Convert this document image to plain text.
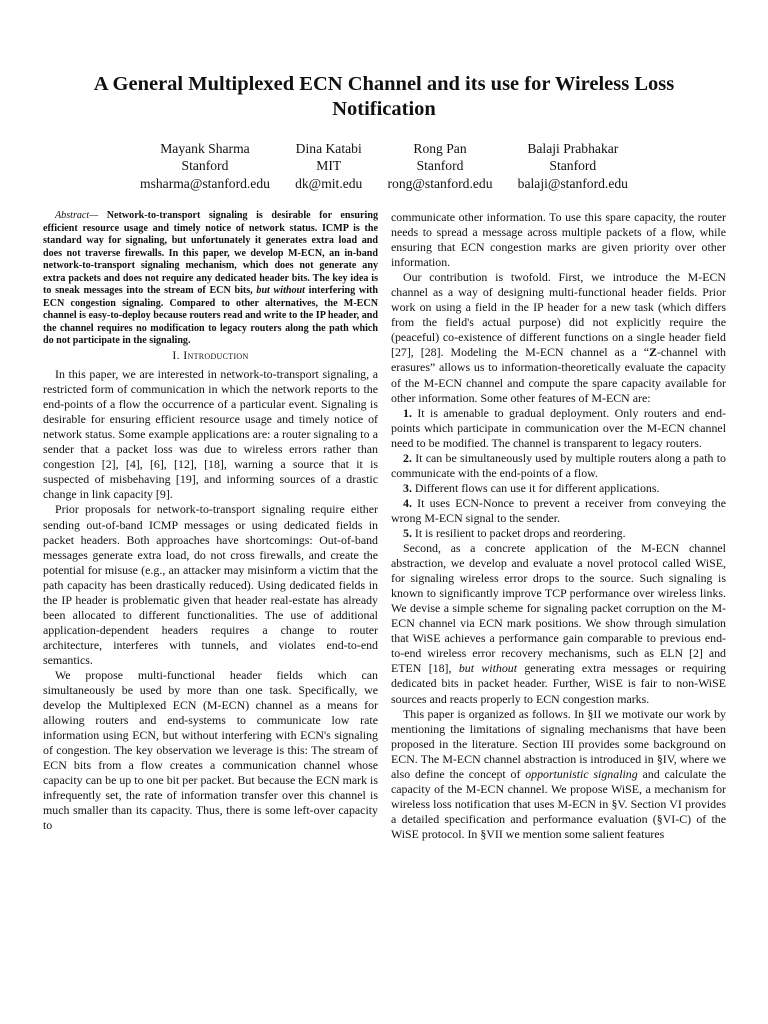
A General Multiplexed ECN Channel and its use for Wireless Loss Notification
Mayank Sharma
Stanford
msharma@stanford.edu
Dina Katabi
MIT
dk@mit.edu
Rong Pan
Stanford
rong@stanford.edu
Balaji Prabhakar
Stanford
balaji@stanford.edu

Abstract— Network-to-transport signaling is desirable for ensuring efficient resource usage and timely notice of network status. ICMP is the standard way for signaling, but unfortunately it generates extra load and does not traverse firewalls. In this paper, we develop M-ECN, an in-band network-to-transport signaling mechanism, which does not generate any extra packets and does not require any dedicated header bits. The key idea is to sneak messages into the stream of ECN bits, but without interfering with ECN congestion signaling. Compared to other alternatives, the M-ECN channel is easy-to-deploy because routers read and write to the IP header, and the channel requires no modification to legacy routers along the path which do not participate in the signaling.

I. Introduction

In this paper, we are interested in network-to-transport signaling, a restricted form of communication in which the network reports to the end-points of a flow the occurrence of a particular event. Signaling is desirable for ensuring efficient resource usage and timely notice of network status. Some example applications are: a router signaling to a sender that a packet loss was due to wireless errors rather than congestion [2], [4], [6], [12], [18], warning a source that it is suspected of misbehaving [19], and informing sources of a drastic change in link capacity [9].

Prior proposals for network-to-transport signaling require either sending out-of-band ICMP messages or using dedicated fields in packet headers. Both approaches have shortcomings: Out-of-band messages generate extra load, do not cross firewalls, and create the potential for misuse (e.g., an attacker may misinform a victim that the path capacity has been drastically reduced). Using dedicated fields in the IP header is problematic given that header real-estate has already been allocated to different functionalities. The use of additional application-dependent headers requires a change to router architecture, interferes with tunnels, and violates end-to-end semantics.

We propose multi-functional header fields which can simultaneously be used by more than one task. Specifically, we develop the Multiplexed ECN (M-ECN) channel as a means for allowing routers and end-systems to communicate low rate information using ECN, but without interfering with ECN's signaling of congestion. The key observation we leverage is this: The stream of ECN bits from a flow creates a communication channel whose capacity can be up to one bit per packet. But because the ECN mark is infrequently set, the rate of information transfer over this channel is much smaller than its capacity. Thus, there is some left-over capacity to

communicate other information. To use this spare capacity, the router needs to spread a message across multiple packets of a flow, while ensuring that ECN congestion marks are given priority over other information.

Our contribution is twofold. First, we introduce the M-ECN channel as a way of designing multi-functional header fields. Prior work on using a field in the IP header for a new task (which differs from the field's actual purpose) did not explicitly require the (peaceful) co-existence of different functions on a single header field [27], [28]. Modeling the M-ECN channel as a “Z-channel with erasures” allows us to information-theoretically evaluate the capacity of the M-ECN channel and compute the spare capacity available for other information. Some other features of M-ECN are:

1. It is amenable to gradual deployment. Only routers and end-points which participate in communication over the M-ECN channel need to be modified. The channel is transparent to legacy routers.

2. It can be simultaneously used by multiple routers along a path to communicate with the end-points of a flow.

3. Different flows can use it for different applications.

4. It uses ECN-Nonce to prevent a receiver from conveying the wrong M-ECN signal to the sender.

5. It is resilient to packet drops and reordering.

Second, as a concrete application of the M-ECN channel abstraction, we develop and evaluate a novel protocol called WiSE, for signaling wireless error drops to the source. Such signaling is known to significantly improve TCP performance over wireless links. We devise a simple scheme for signaling packet corruption on the M-ECN channel via ECN mark positions. We show through simulation that WiSE achieves a performance gain comparable to previous end-to-end wireless error recovery mechanisms, such as ELN [2] and ETEN [18], but without generating extra messages or requiring dedicated bits in packet header. Further, WiSE is fair to non-WiSE sources and reacts properly to ECN congestion marks.

This paper is organized as follows. In §II we motivate our work by mentioning the limitations of signaling mechanisms that have been proposed in the literature. Section III provides some background on ECN. The M-ECN channel abstraction is introduced in §IV, where we also define the concept of opportunistic signaling and calculate the capacity of the M-ECN channel. We propose WiSE, a mechanism for wireless loss notification that uses M-ECN in §V. Section VI provides a detailed specification and performance evaluation (§VI-C) of the WiSE protocol. In §VII we mention some salient features
